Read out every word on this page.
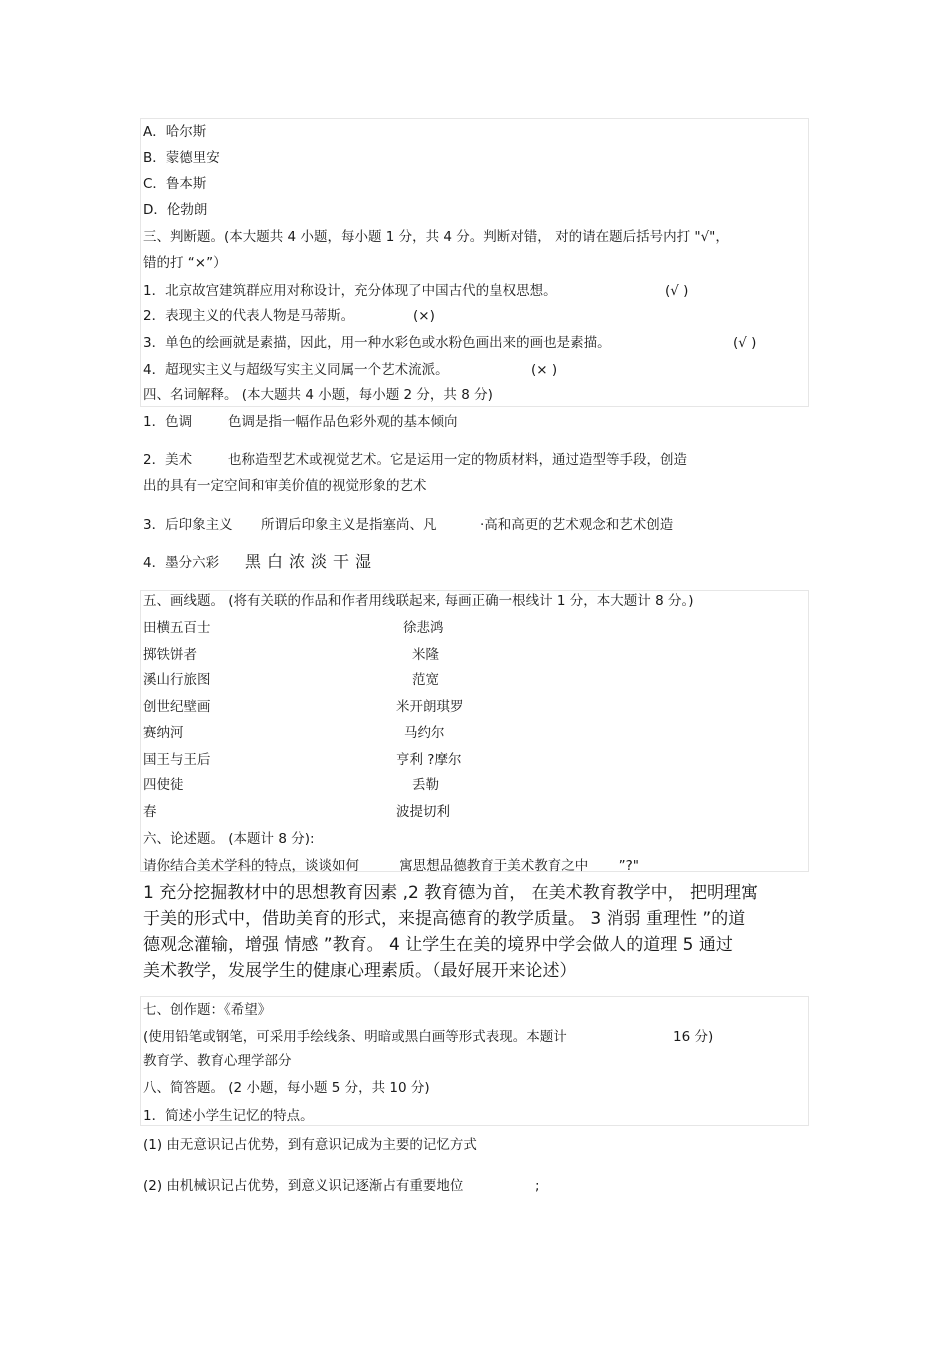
A．哈尔斯
B．蒙德里安
C．鲁本斯
D．伦勃朗
三、判断题。(本大题共 4 小题，每小题 1 分，共 4 分。判断对错， 对的请在题后括号内打 "√"，
错的打 “×”）
1．北京故宫建筑群应用对称设计，充分体现了中国古代的皇权思想。	(√ )
2．表现主义的代表人物是马蒂斯。	(×)
3．单色的绘画就是素描，因此，用一种水彩色或水粉色画出来的画也是素描。	(√ )
4．超现实主义与超级写实主义同属一个艺术流派。	(× )
四、名词解释。 (本大题共 4 小题，每小题 2 分，共 8 分)
1．色调	色调是指一幅作品色彩外观的基本倾向
2．美术	也称造型艺术或视觉艺术。它是运用一定的物质材料，通过造型等手段，创造
出的具有一定空间和审美价值的视觉形象的艺术
3．后印象主义 所谓后印象主义是指塞尚、凡	·高和高更的艺术观念和艺术创造
4．墨分六彩 黑白浓淡干湿
五、画线题。 (将有关联的作品和作者用线联起来, 每画正确一根线计 1 分，本大题计 8 分。)
田横五百士	徐悲鸿
掷铁饼者	米隆
溪山行旅图	范宽
创世纪壁画	米开朗琪罗
赛纳河	马约尔
国王与王后	亨利 ?摩尔
四使徒	丢勒
春	波提切利
六、论述题。 (本题计 8 分):
请你结合美术学科的特点，谈谈如何	寓思想品德教育于美术教育之中 ”?"
1 充分挖掘教材中的思想教育因素 ,2 教育德为首， 在美术教育教学中， 把明理寓
于美的形式中，借助美育的形式，来提高德育的教学质量。 3 消弱 重理性 ”的道
德观念灌输，增强 情感 ”教育。 4 让学生在美的境界中学会做人的道理 5 通过
美术教学，发展学生的健康心理素质。（最好展开来论述）
七、创作题：《希望》
(使用铅笔或钢笔，可采用手绘线条、明暗或黑白画等形式表现。本题计	16 分)
教育学、教育心理学部分
八、简答题。 (2 小题，每小题 5 分，共 10 分)
1．简述小学生记忆的特点。
(1) 由无意识记占优势，到有意识记成为主要的记忆方式
(2) 由机械识记占优势，到意义识记逐渐占有重要地位	;
